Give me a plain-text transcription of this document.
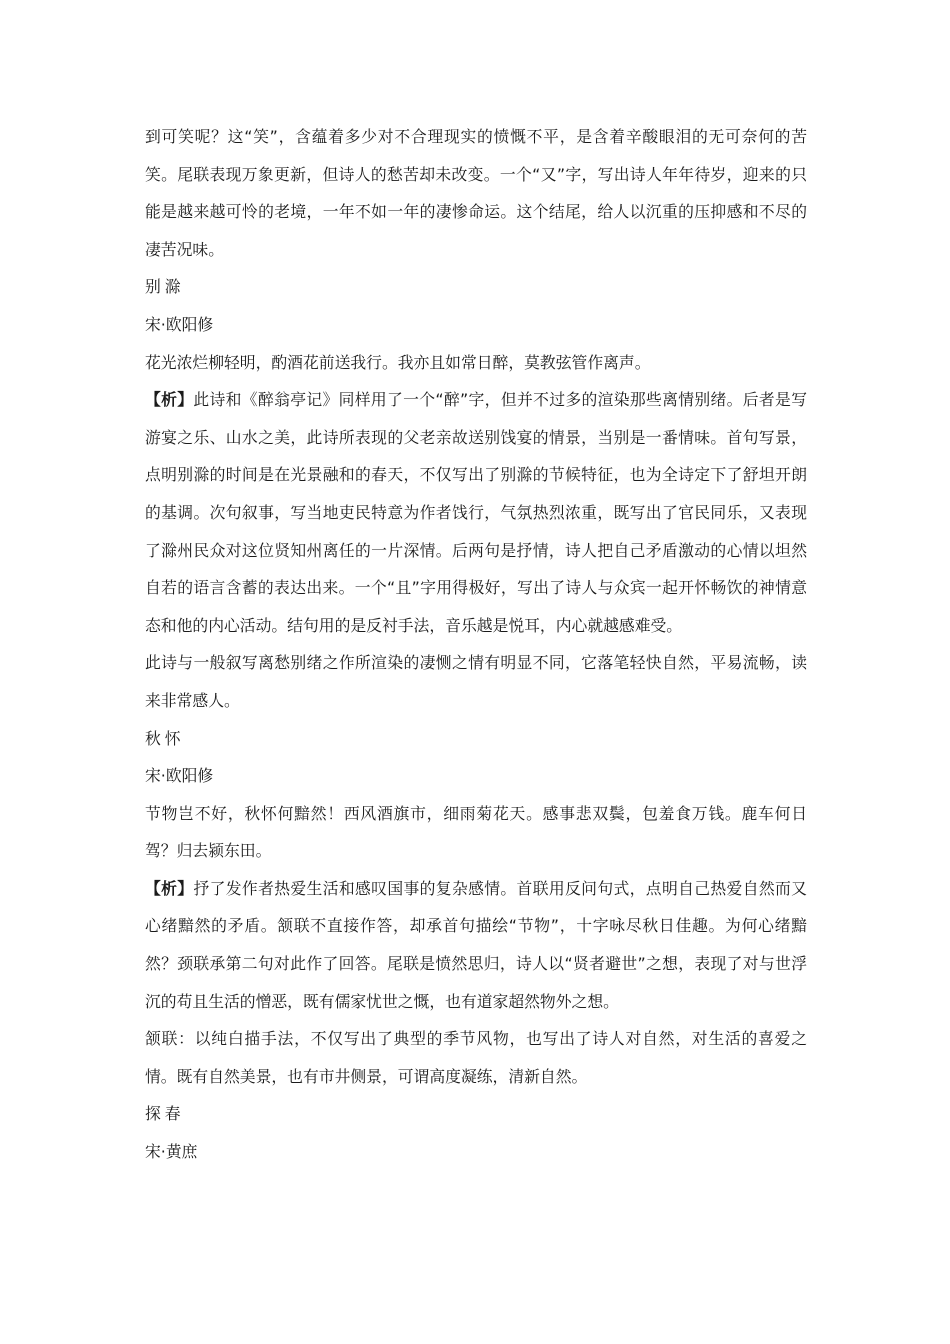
到可笑呢？这“笑”，含蕴着多少对不合理现实的愤慨不平，是含着辛酸眼泪的无可奈何的苦笑。尾联表现万象更新，但诗人的愁苦却未改变。一个“又”字，写出诗人年年待岁，迎来的只能是越来越可怜的老境，一年不如一年的凄惨命运。这个结尾，给人以沉重的压抑感和不尽的凄苦况味。

别滁

宋·欧阳修

花光浓烂柳轻明，酌酒花前送我行。我亦且如常日醉，莫教弦管作离声。

【析】此诗和《醉翁亭记》同样用了一个“醉”字，但并不过多的渲染那些离情别绪。后者是写游宴之乐、山水之美，此诗所表现的父老亲故送别饯宴的情景，当别是一番情味。首句写景，点明别滁的时间是在光景融和的春天，不仅写出了别滁的节候特征，也为全诗定下了舒坦开朗的基调。次句叙事，写当地吏民特意为作者饯行，气氛热烈浓重，既写出了官民同乐，又表现了滁州民众对这位贤知州离任的一片深情。后两句是抒情，诗人把自己矛盾激动的心情以坦然自若的语言含蓄的表达出来。一个“且”字用得极好，写出了诗人与众宾一起开怀畅饮的神情意态和他的内心活动。结句用的是反衬手法，音乐越是悦耳，内心就越感难受。

此诗与一般叙写离愁别绪之作所渲染的凄恻之情有明显不同，它落笔轻快自然，平易流畅，读来非常感人。

秋怀

宋·欧阳修

节物岂不好，秋怀何黯然！西风酒旗市，细雨菊花天。感事悲双鬓，包羞食万钱。鹿车何日驾？归去颍东田。

【析】抒了发作者热爱生活和感叹国事的复杂感情。首联用反问句式，点明自己热爱自然而又心绪黯然的矛盾。颔联不直接作答，却承首句描绘“节物”，十字咏尽秋日佳趣。为何心绪黯然？颈联承第二句对此作了回答。尾联是愤然思归，诗人以“贤者避世”之想，表现了对与世浮沉的苟且生活的憎恶，既有儒家忧世之慨，也有道家超然物外之想。

颔联：以纯白描手法，不仅写出了典型的季节风物，也写出了诗人对自然，对生活的喜爱之情。既有自然美景，也有市井侧景，可谓高度凝练，清新自然。

探春

宋·黄庶
